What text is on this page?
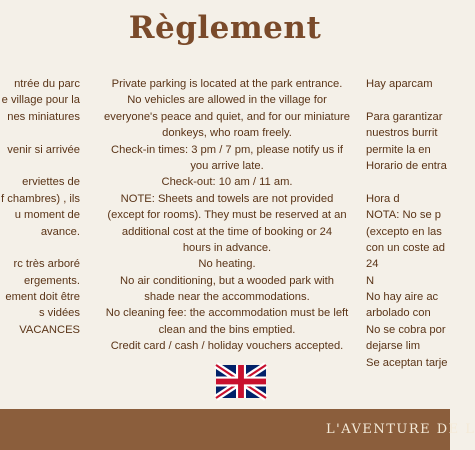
Règlement
ntrée du parc
e village pour la
nes miniatures
venir si arrivée
erviettes de
f chambres) , ils
u moment de
avance.
rc très arboré
ergements.
ement doit être
s vidées
VACANCES
Private parking is located at the park entrance.
No vehicles are allowed in the village for
everyone's peace and quiet, and for our miniature
donkeys, who roam freely.
Check-in times: 3 pm / 7 pm, please notify us if
you arrive late.
Check-out: 10 am / 11 am.
NOTE: Sheets and towels are not provided
(except for rooms). They must be reserved at an
additional cost at the time of booking or 24
hours in advance.
No heating.
No air conditioning, but a wooded park with
shade near the accommodations.
No cleaning fee: the accommodation must be left
clean and the bins emptied.
Credit card / cash / holiday vouchers accepted.
Hay aparcam
Para garantizar
nuestros burrit
permite la en
Horario de entra
Hora d
NOTA: No se p
(excepto en las
con un coste ad
24
N
No hay aire ac
arbolado con
No se cobra por
dejarse lim
Se aceptan tarje
L'AVENTURE DE L
